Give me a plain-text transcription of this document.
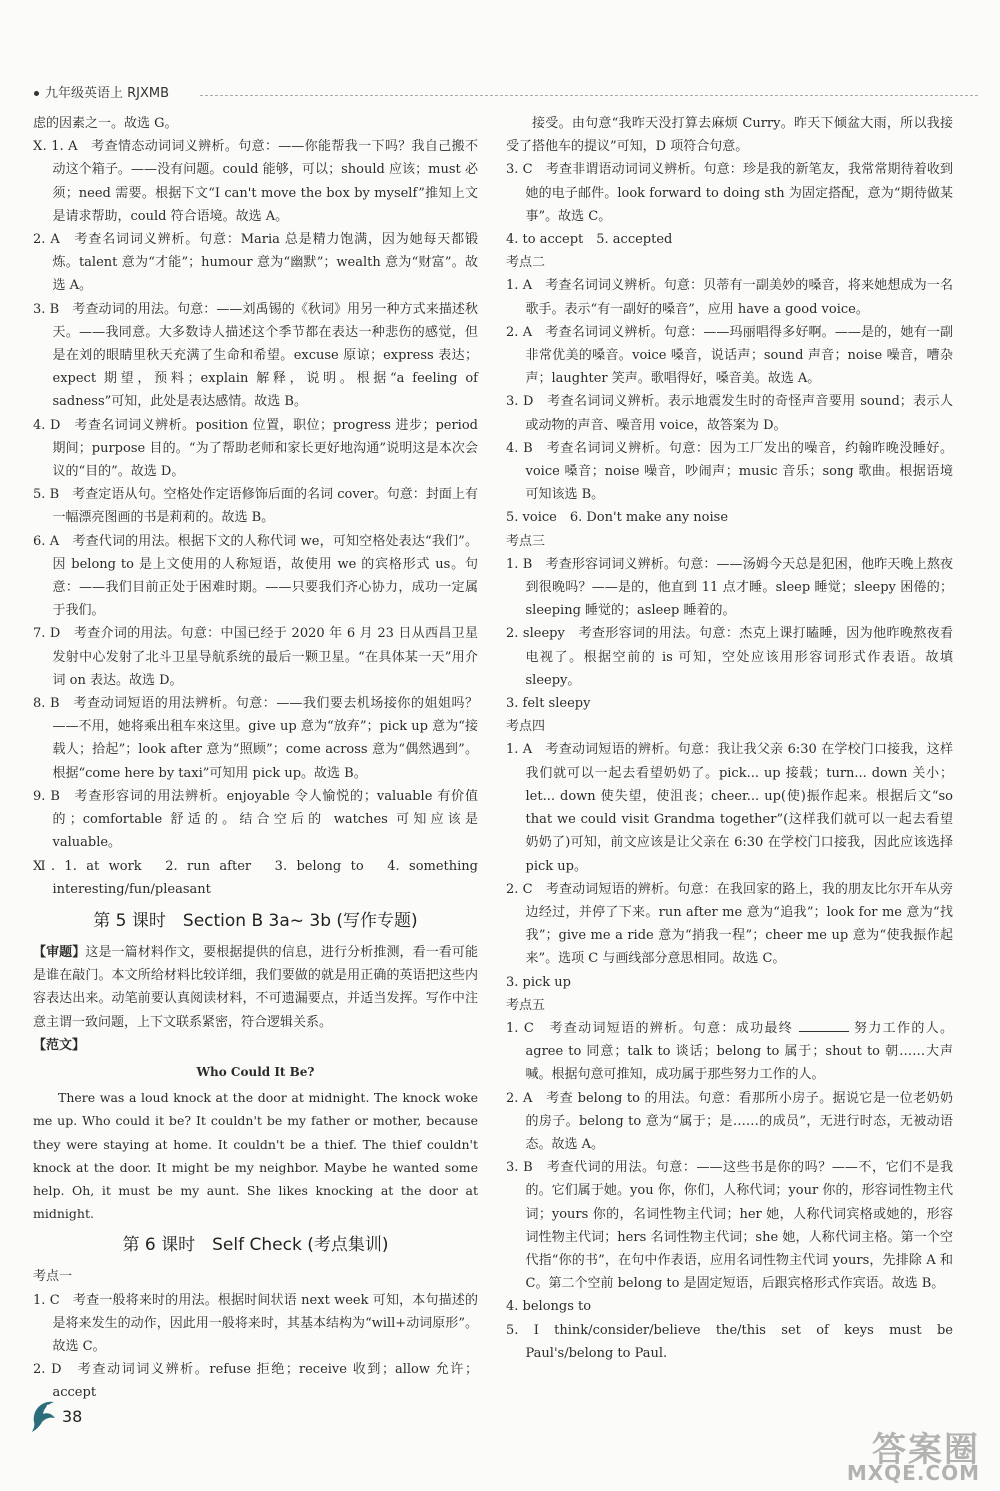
九年级英语上 RJXMB

虑的因素之一。故选 G。

Ⅹ. 1. A　考查情态动词词义辨析。句意：——你能帮我一下吗？我自己搬不动这个箱子。——没有问题。could 能够，可以；should 应该；must 必须；need 需要。根据下文“I can't move the box by myself”推知上文是请求帮助，could 符合语境。故选 A。

2. A　考查名词词义辨析。句意：Maria 总是精力饱满，因为她每天都锻炼。talent 意为“才能”；humour 意为“幽默”；wealth 意为“财富”。故选 A。

3. B　考查动词的用法。句意：——刘禹锡的《秋词》用另一种方式来描述秋天。——我同意。大多数诗人描述这个季节都在表达一种悲伤的感觉，但是在刘的眼睛里秋天充满了生命和希望。excuse 原谅；express 表达；expect 期望，预料；explain 解释，说明。根据“a feeling of sadness”可知，此处是表达感情。故选 B。

4. D　考查名词词义辨析。position 位置，职位；progress 进步；period 期间；purpose 目的。“为了帮助老师和家长更好地沟通”说明这是本次会议的“目的”。故选 D。

5. B　考查定语从句。空格处作定语修饰后面的名词 cover。句意：封面上有一幅漂亮图画的书是莉莉的。故选 B。

6. A　考查代词的用法。根据下文的人称代词 we，可知空格处表达“我们”。因 belong to 是上文使用的人称短语，故使用 we 的宾格形式 us。句意：——我们目前正处于困难时期。——只要我们齐心协力，成功一定属于我们。

7. D　考查介词的用法。句意：中国已经于 2020 年 6 月 23 日从西昌卫星发射中心发射了北斗卫星导航系统的最后一颗卫星。“在具体某一天”用介词 on 表达。故选 D。

8. B　考查动词短语的用法辨析。句意：——我们要去机场接你的姐姐吗？——不用，她将乘出租车來这里。give up 意为“放弃”；pick up 意为“接载人；拾起”；look after 意为“照顾”；come across 意为“偶然遇到”。根据“come here by taxi”可知用 pick up。故选 B。

9. B　考查形容词的用法辨析。enjoyable 令人愉悦的；valuable 有价值的；comfortable 舒适的。结合空后的 watches 可知应该是 valuable。

Ⅺ. 1. at work　2. run after　3. belong to　4. something interesting/fun/pleasant

第 5 课时　Section B 3a~ 3b (写作专题)

【审题】这是一篇材料作文，要根据提供的信息，进行分析推测，看一看可能是谁在敲门。本文所给材料比较详细，我们要做的就是用正确的英语把这些内容表达出来。动笔前要认真阅读材料，不可遗漏要点，并适当发挥。写作中注意主谓一致问题，上下文联系紧密，符合逻辑关系。

【范文】

Who Could It Be?

There was a loud knock at the door at midnight. The knock woke me up. Who could it be? It couldn't be my father or mother, because they were staying at home. It couldn't be a thief. The thief couldn't knock at the door. It might be my neighbor. Maybe he wanted some help. Oh, it must be my aunt. She likes knocking at the door at midnight.

第 6 课时　Self Check (考点集训)

考点一

1. C　考查一般将来时的用法。根据时间状语 next week 可知，本句描述的是将来发生的动作，因此用一般将来时，其基本结构为“will+动词原形”。故选 C。

2. D　考查动词词义辨析。refuse 拒绝；receive 收到；allow 允许；accept

接受。由句意“我昨天没打算去麻烦 Curry。昨天下倾盆大雨，所以我接受了搭他车的提议”可知，D 项符合句意。

3. C　考查非谓语动词词义辨析。句意：珍是我的新笔友，我常常期待着收到她的电子邮件。look forward to doing sth 为固定搭配，意为“期待做某事”。故选 C。

4. to accept　5. accepted

考点二

1. A　考查名词词义辨析。句意：贝蒂有一副美妙的嗓音，将来她想成为一名歌手。表示“有一副好的嗓音”，应用 have a good voice。

2. A　考查名词词义辨析。句意：——玛丽唱得多好啊。——是的，她有一副非常优美的嗓音。voice 嗓音，说话声；sound 声音；noise 噪音，嘈杂声；laughter 笑声。歌唱得好，嗓音美。故选 A。

3. D　考查名词词义辨析。表示地震发生时的奇怪声音要用 sound；表示人或动物的声音、噪音用 voice，故答案为 D。

4. B　考查名词词义辨析。句意：因为工厂发出的噪音，约翰昨晚没睡好。voice 嗓音；noise 噪音，吵闹声；music 音乐；song 歌曲。根据语境可知该选 B。

5. voice　6. Don't make any noise

考点三

1. B　考查形容词词义辨析。句意：——汤姆今天总是犯困，他昨天晚上熬夜到很晚吗？——是的，他直到 11 点才睡。sleep 睡觉；sleepy 困倦的；sleeping 睡觉的；asleep 睡着的。

2. sleepy　考查形容词的用法。句意：杰克上课打瞌睡，因为他昨晚熬夜看电视了。根据空前的 is 可知，空处应该用形容词形式作表语。故填 sleepy。

3. felt sleepy

考点四

1. A　考查动词短语的辨析。句意：我让我父亲 6:30 在学校门口接我，这样我们就可以一起去看望奶奶了。pick... up 接载；turn... down 关小；let... down 使失望，使沮丧；cheer... up(使)振作起来。根据后文“so that we could visit Grandma together”(这样我们就可以一起去看望奶奶了)可知，前文应该是让父亲在 6:30 在学校门口接我，因此应该选择 pick up。

2. C　考查动词短语的辨析。句意：在我回家的路上，我的朋友比尔开车从旁边经过，并停了下来。run after me 意为“追我”；look for me 意为“找我”；give me a ride 意为“捎我一程”；cheer me up 意为“使我振作起来”。选项 C 与画线部分意思相同。故选 C。

3. pick up

考点五

1. C　考查动词短语的辨析。句意：成功最终	努力工作的人。agree to 同意；talk to 谈话；belong to 属于；shout to 朝……大声喊。根据句意可推知，成功属于那些努力工作的人。

2. A　考查 belong to 的用法。句意：看那所小房子。据说它是一位老奶奶的房子。belong to 意为“属于；是……的成员”，无进行时态，无被动语态。故选 A。

3. B　考查代词的用法。句意：——这些书是你的吗？——不，它们不是我的。它们属于她。you 你，你们，人称代词；your 你的，形容词性物主代词；yours 你的，名词性物主代词；her 她，人称代词宾格或她的，形容词性物主代词；hers 名词性物主代词；she 她，人称代词主格。第一个空代指“你的书”，在句中作表语，应用名词性物主代词 yours，先排除 A 和 C。第二个空前 belong to 是固定短语，后跟宾格形式作宾语。故选 B。

4. belongs to

5. I think/consider/believe the/this set of keys must be Paul's/belong to Paul.

38
答案圈
MXQE.COM
